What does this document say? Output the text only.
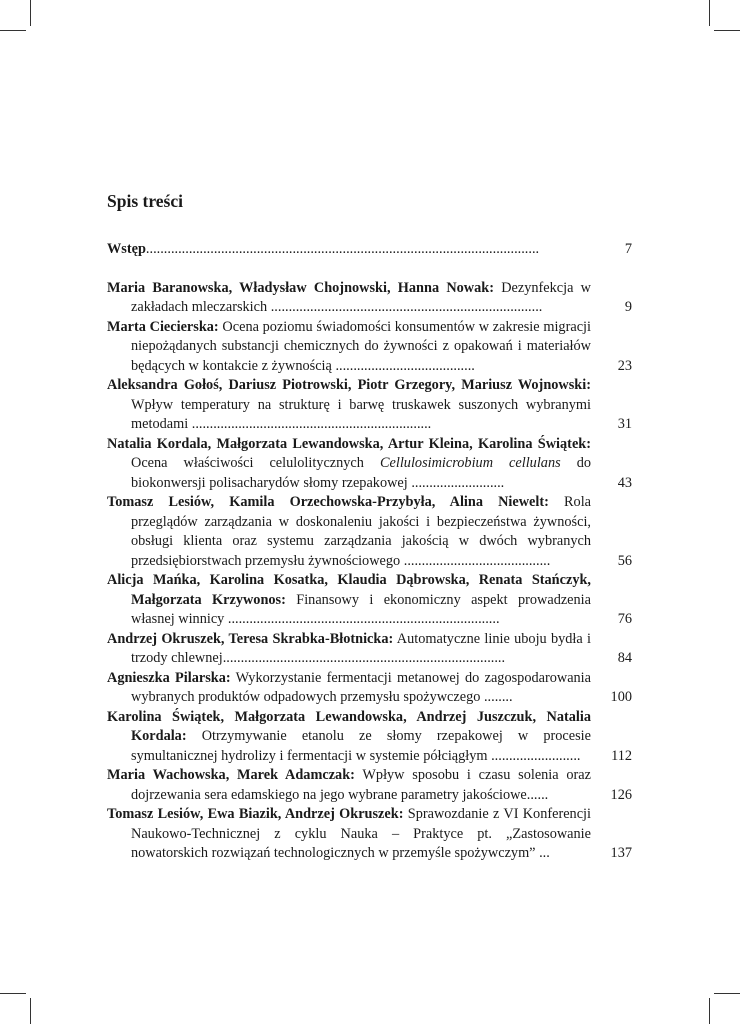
Spis treści
Wstęp..............................................................................................................	7
Maria Baranowska, Władysław Chojnowski, Hanna Nowak: Dezynfekcja w zakładach mleczarskich ............................................................................	9
Marta Ciecierska: Ocena poziomu świadomości konsumentów w zakresie migracji niepożądanych substancji chemicznych do żywności z opakowań i materiałów będących w kontakcie z żywnością .......................................	23
Aleksandra Gołoś, Dariusz Piotrowski, Piotr Grzegory, Mariusz Wojnowski: Wpływ temperatury na strukturę i barwę truskawek suszonych wybranymi metodami ...................................................................	31
Natalia Kordala, Małgorzata Lewandowska, Artur Kleina, Karolina Świątek: Ocena właściwości celulolitycznych Cellulosimicrobium cellulans do biokonwersji polisacharydów słomy rzepakowej ..........................	43
Tomasz Lesiów, Kamila Orzechowska-Przybyła, Alina Niewelt: Rola przeglądów zarządzania w doskonaleniu jakości i bezpieczeństwa żywności, obsługi klienta oraz systemu zarządzania jakością w dwóch wybranych przedsiębiorstwach przemysłu żywnościowego .........................................	56
Alicja Mańka, Karolina Kosatka, Klaudia Dąbrowska, Renata Stańczyk, Małgorzata Krzywonos: Finansowy i ekonomiczny aspekt prowadzenia własnej winnicy ............................................................................	76
Andrzej Okruszek, Teresa Skrabka-Błotnicka: Automatyczne linie uboju bydła i trzody chlewnej...............................................................................	84
Agnieszka Pilarska: Wykorzystanie fermentacji metanowej do zagospodarowania wybranych produktów odpadowych przemysłu spożywczego ........	100
Karolina Świątek, Małgorzata Lewandowska, Andrzej Juszczuk, Natalia Kordala: Otrzymywanie etanolu ze słomy rzepakowej w procesie symultanicznej hydrolizy i fermentacji w systemie półciągłym .........................	112
Maria Wachowska, Marek Adamczak: Wpływ sposobu i czasu solenia oraz dojrzewania sera edamskiego na jego wybrane parametry jakościowe......	126
Tomasz Lesiów, Ewa Biazik, Andrzej Okruszek: Sprawozdanie z VI Konferencji Naukowo-Technicznej z cyklu Nauka – Praktyce pt. „Zastosowanie nowatorskich rozwiązań technologicznych w przemyśle spożywczym” ...	137
